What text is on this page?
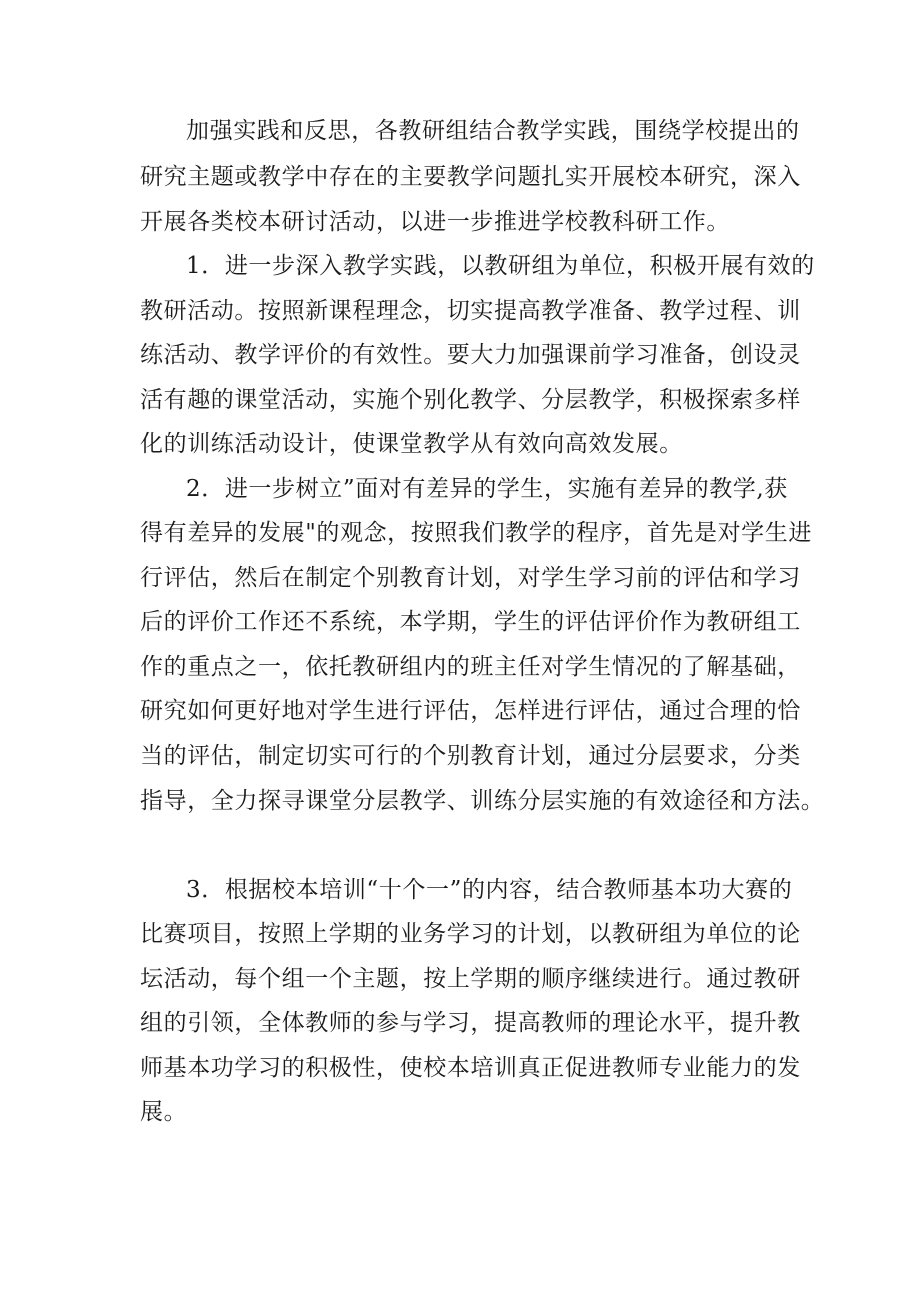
加强实践和反思，各教研组结合教学实践，围绕学校提出的

研究主题或教学中存在的主要教学问题扎实开展校本研究，深入

开展各类校本研讨活动，以进一步推进学校教科研工作。

1．进一步深入教学实践，以教研组为单位，积极开展有效的

教研活动。按照新课程理念，切实提高教学准备、教学过程、训

练活动、教学评价的有效性。要大力加强课前学习准备，创设灵

活有趣的课堂活动，实施个别化教学、分层教学，积极探索多样

化的训练活动设计，使课堂教学从有效向高效发展。

2．进一步树立”面对有差异的学生，实施有差异的教学,获

得有差异的发展"的观念，按照我们教学的程序，首先是对学生进

行评估，然后在制定个别教育计划，对学生学习前的评估和学习

后的评价工作还不系统，本学期，学生的评估评价作为教研组工

作的重点之一，依托教研组内的班主任对学生情况的了解基础，

研究如何更好地对学生进行评估，怎样进行评估，通过合理的恰

当的评估，制定切实可行的个别教育计划，通过分层要求，分类

指导，全力探寻课堂分层教学、训练分层实施的有效途径和方法。

3．根据校本培训“十个一”的内容，结合教师基本功大赛的

比赛项目，按照上学期的业务学习的计划，以教研组为单位的论

坛活动，每个组一个主题，按上学期的顺序继续进行。通过教研

组的引领，全体教师的参与学习，提高教师的理论水平，提升教

师基本功学习的积极性，使校本培训真正促进教师专业能力的发

展。
